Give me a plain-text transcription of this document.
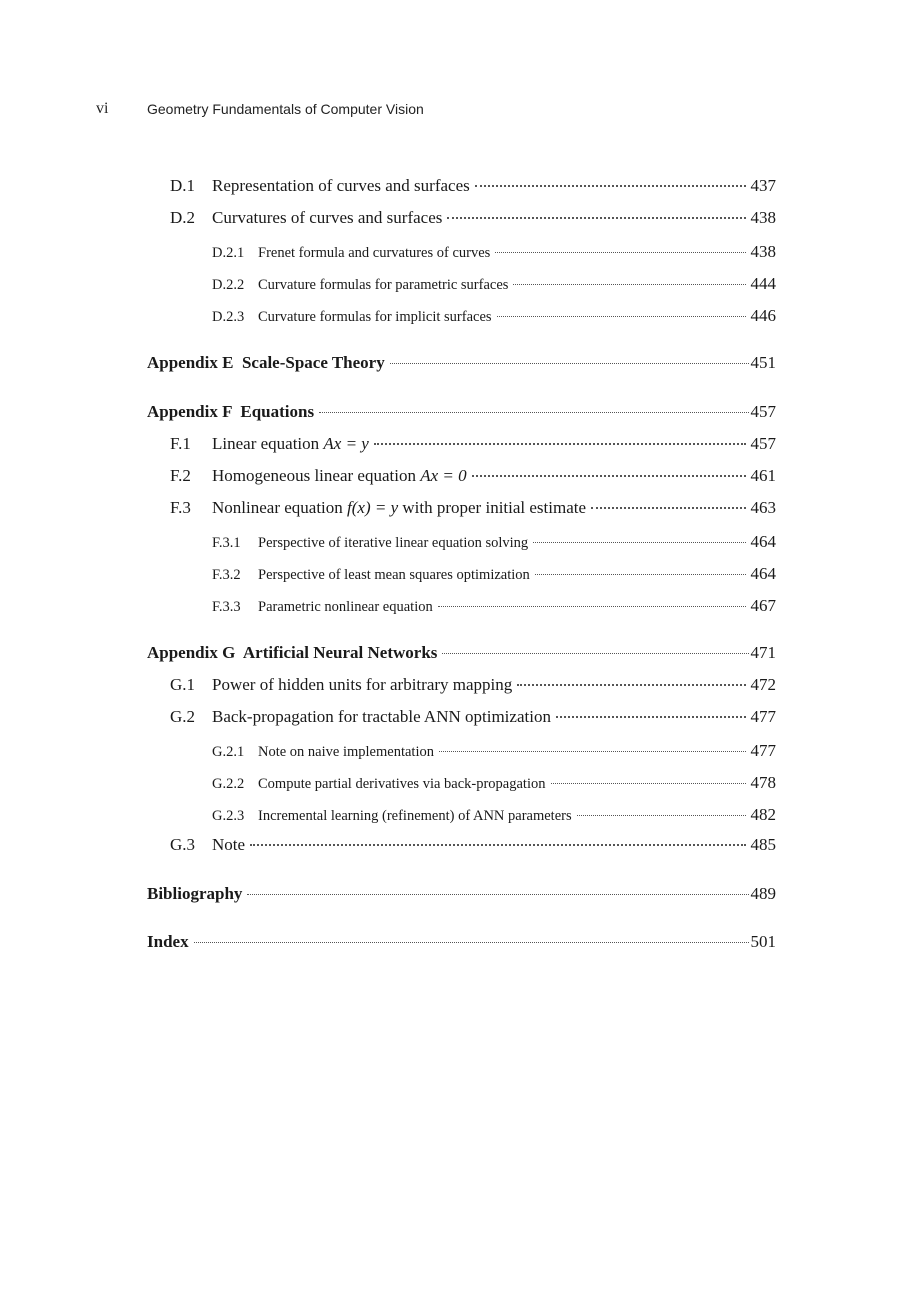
vi	Geometry Fundamentals of Computer Vision
D.1 Representation of curves and surfaces	437
D.2 Curvatures of curves and surfaces	438
D.2.1 Frenet formula and curvatures of curves	438
D.2.2 Curvature formulas for parametric surfaces	444
D.2.3 Curvature formulas for implicit surfaces	446
Appendix E  Scale-Space Theory	451
Appendix F  Equations	457
F.1	Linear equation Ax = y	457
F.2	Homogeneous linear equation Ax = 0	461
F.3	Nonlinear equation f(x) = y with proper initial estimate	463
F.3.1	Perspective of iterative linear equation solving	464
F.3.2	Perspective of least mean squares optimization	464
F.3.3	Parametric nonlinear equation	467
Appendix G  Artificial Neural Networks	471
G.1 Power of hidden units for arbitrary mapping	472
G.2 Back-propagation for tractable ANN optimization	477
G.2.1 Note on naive implementation	477
G.2.2 Compute partial derivatives via back-propagation	478
G.2.3 Incremental learning (refinement) of ANN parameters	482
G.3 Note	485
Bibliography	489
Index	501
